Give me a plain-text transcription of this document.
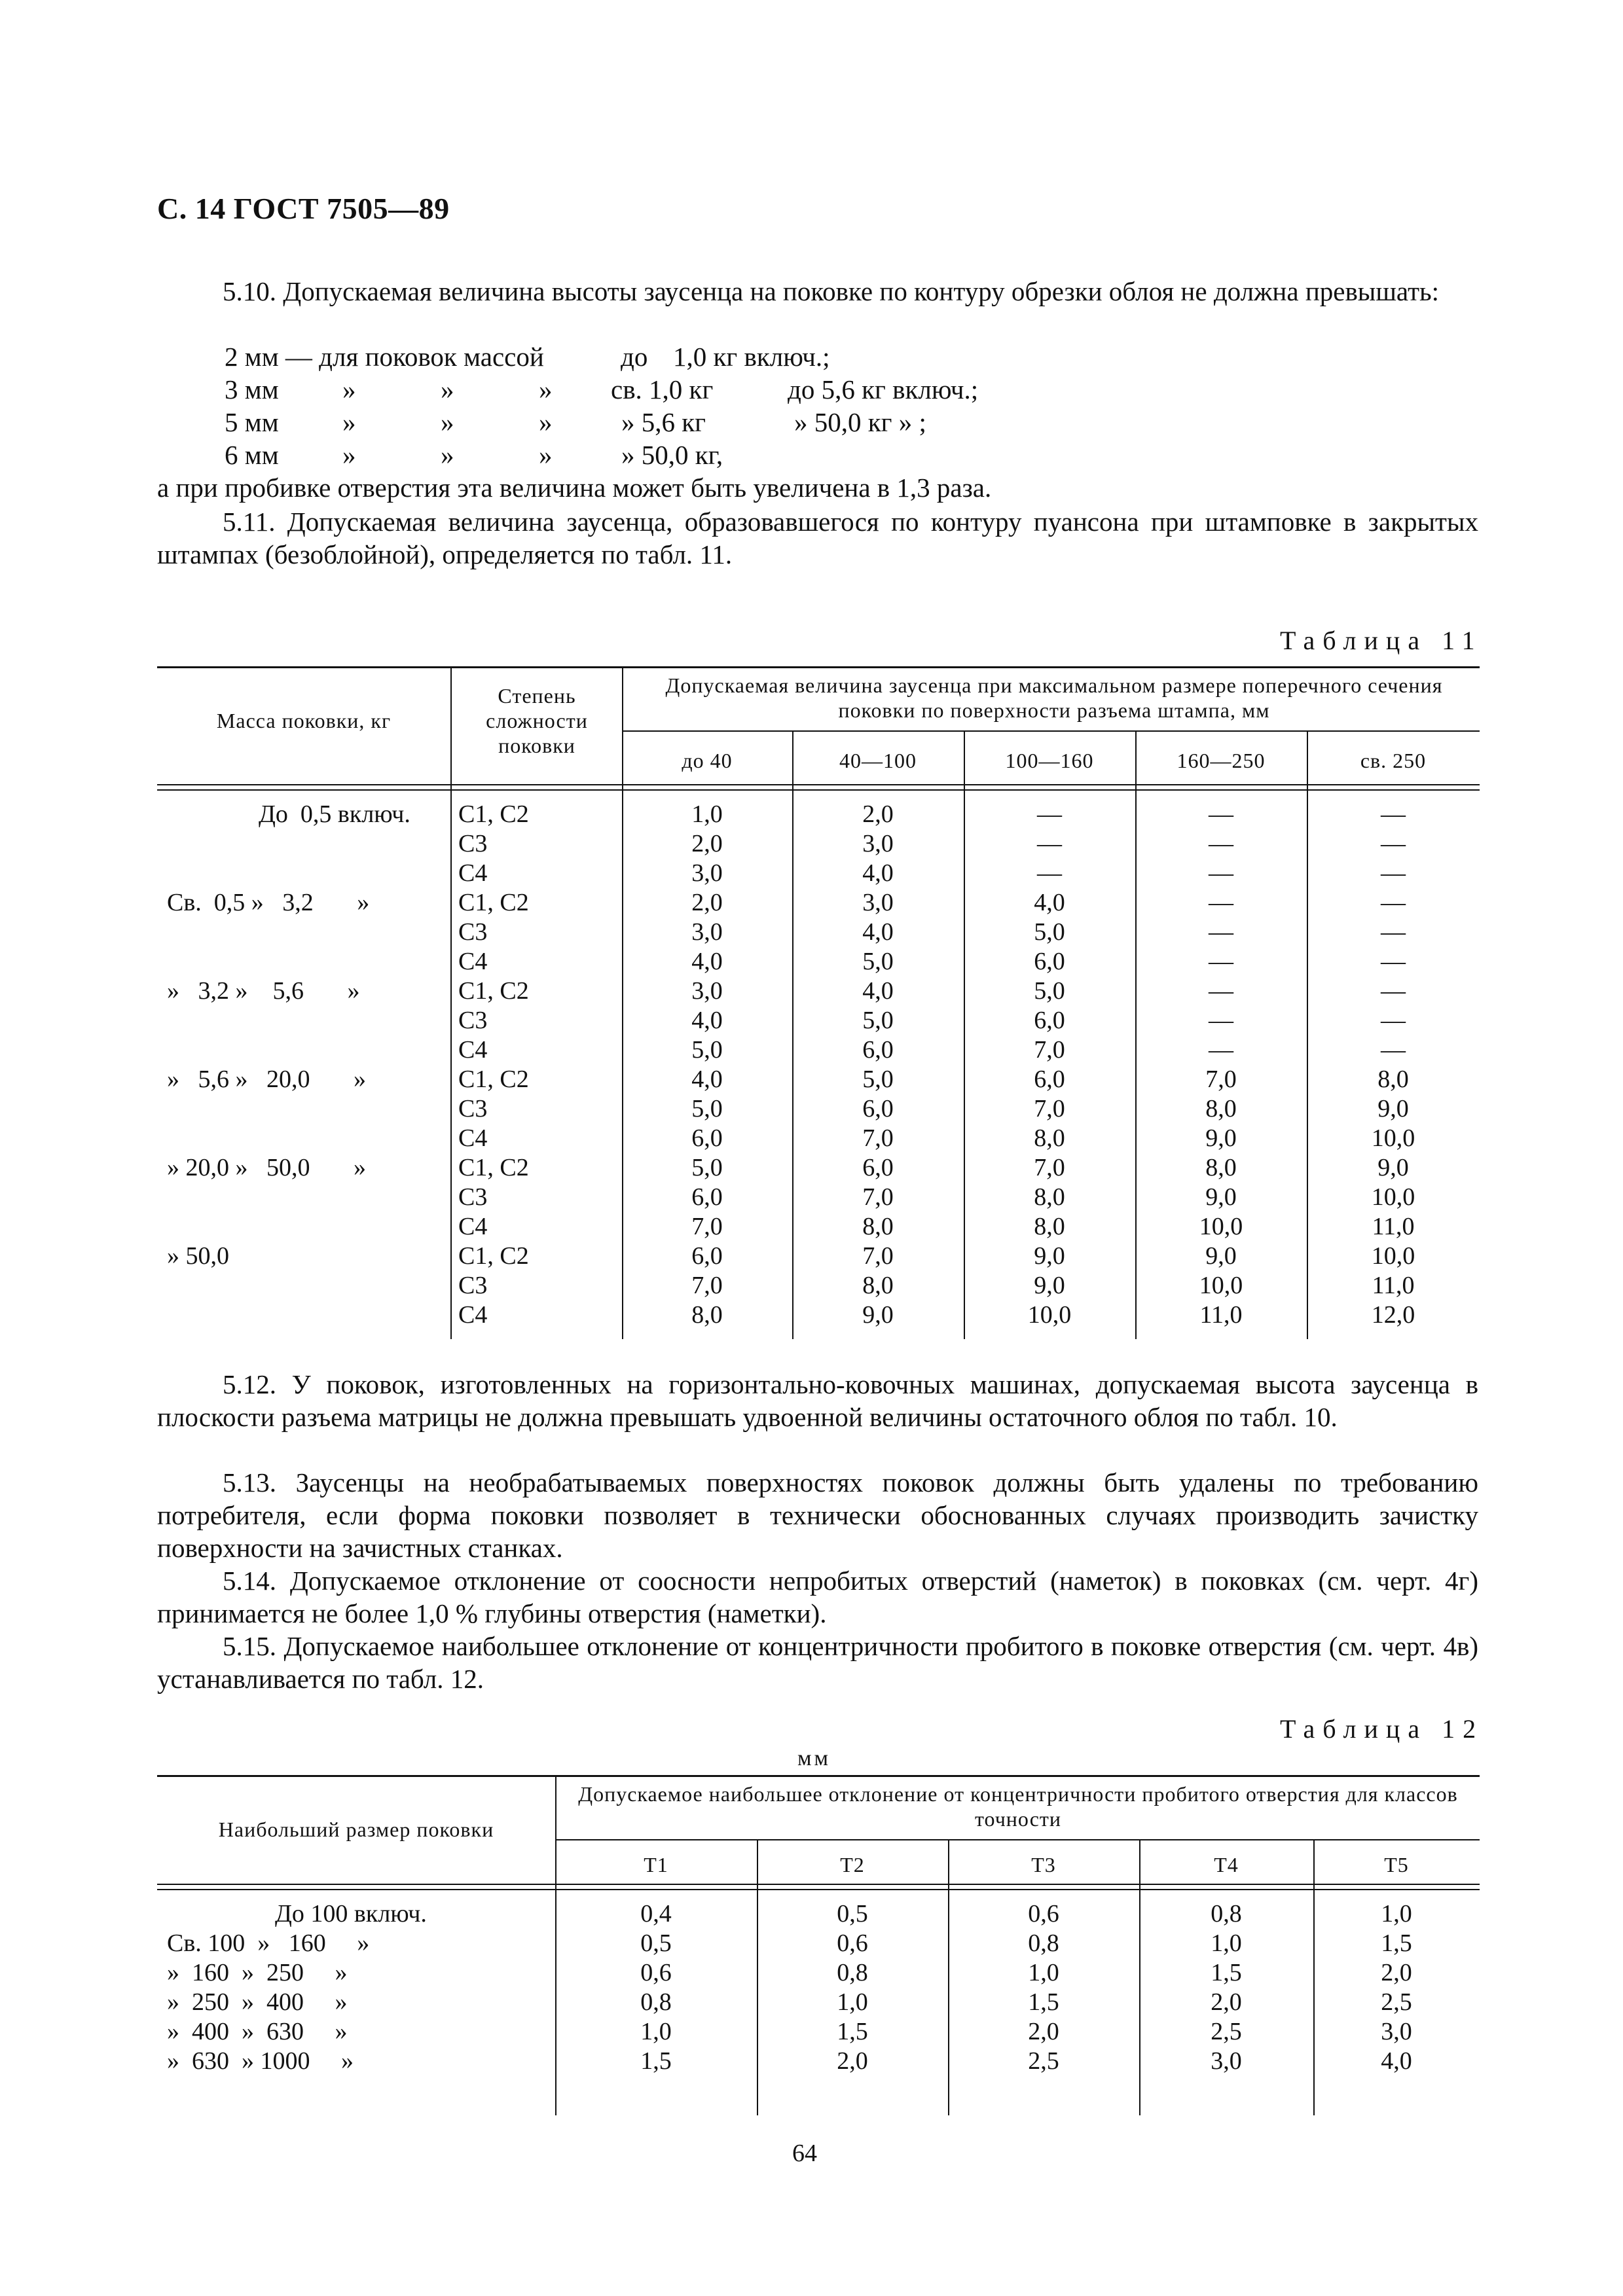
С. 14 ГОСТ 7505—89
5.10. Допускаемая величина высоты заусенца на поковке по контуру обрезки облоя не должна превышать:
2 мм — для поковок массой	до 1,0 кг включ.;
3 мм »	»	» св. 1,0 кг	до 5,6 кг включ.;
5 мм »	»	»	» 5,6 кг	» 50,0 кг » ;
6 мм »	»	»	» 50,0 кг,
а при пробивке отверстия эта величина может быть увеличена в 1,3 раза.
5.11. Допускаемая величина заусенца, образовавшегося по контуру пуансона при штамповке в закрытых штампах (безоблойной), определяется по табл. 11.
Таблица 11
Масса поковки, кг
Степень сложности поковки
Допускаемая величина заусенца при максимальном размере поперечного сечения поковки по поверхности разъема штампа, мм
до 40	40—100	100—160	160—250	св. 250
До  0,5 включ. С1, С2	1,0	2,0	—	—	—
С3	2,0	3,0	—	—	—
С4	3,0	4,0	—	—	—
Св.  0,5 »   3,2       »	С1, С2	2,0	3,0	4,0	—	—
С3	3,0	4,0	5,0	—	—
С4	4,0	5,0	6,0	—	—
»   3,2 »    5,6       »	С1, С2	3,0	4,0	5,0	—	—
С3	4,0	5,0	6,0	—	—
С4	5,0	6,0	7,0	—	—
»   5,6 »   20,0       »	С1, С2	4,0	5,0	6,0	7,0	8,0
С3	5,0	6,0	7,0	8,0	9,0
С4	6,0	7,0	8,0	9,0	10,0
» 20,0 »   50,0       »	С1, С2	5,0	6,0	7,0	8,0	9,0
С3	6,0	7,0	8,0	9,0	10,0
С4	7,0	8,0	8,0	10,0	11,0
» 50,0	С1, С2	6,0	7,0	9,0	9,0	10,0
С3	7,0	8,0	9,0	10,0	11,0
С4	8,0	9,0	10,0	11,0	12,0
5.12. У поковок, изготовленных на горизонтально-ковочных машинах, допускаемая высота заусенца в плоскости разъема матрицы не должна превышать удвоенной величины остаточного облоя по табл. 10.
5.13. Заусенцы на необрабатываемых поверхностях поковок должны быть удалены по требованию потребителя, если форма поковки позволяет в технически обоснованных случаях производить зачистку поверхности на зачистных станках.
5.14. Допускаемое отклонение от соосности непробитых отверстий (наметок) в поковках (см. черт. 4г) принимается не более 1,0 % глубины отверстия (наметки).
5.15. Допускаемое наибольшее отклонение от концентричности пробитого в поковке отверстия (см. черт. 4в) устанавливается по табл. 12.
Таблица 12
мм
Наибольший размер поковки
Допускаемое наибольшее отклонение от концентричности пробитого отверстия для классов точности
Т1	Т2	Т3	Т4	Т5
До 100 включ.	0,4	0,5	0,6	0,8	1,0
Св. 100  »   160     »	0,5	0,6	0,8	1,0	1,5
»  160  »  250     »	0,6	0,8	1,0	1,5	2,0
»  250  »  400     »	0,8	1,0	1,5	2,0	2,5
»  400  »  630     »	1,0	1,5	2,0	2,5	3,0
»  630  » 1000     »	1,5	2,0	2,5	3,0	4,0
64
